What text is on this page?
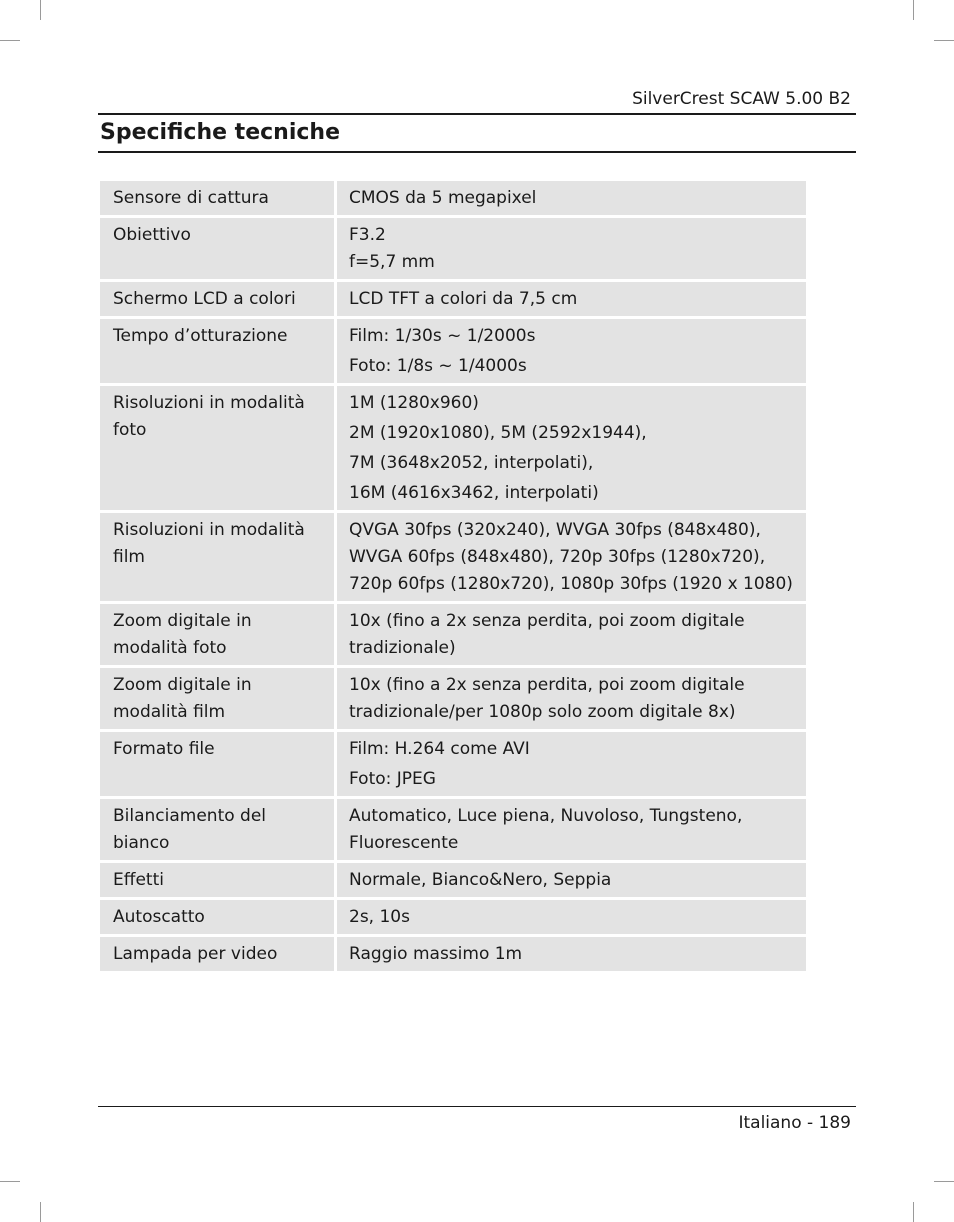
SilverCrest SCAW 5.00 B2
Specifiche tecniche
Sensore di cattura	CMOS da 5 megapixel

Obiettivo	F3.2
f=5,7 mm

Schermo LCD a colori	LCD TFT a colori da 7,5 cm

Tempo d’otturazione	Film: 1/30s ~ 1/2000s
Foto: 1/8s ~ 1/4000s

Risoluzioni in modalità foto	1M (1280x960)
2M (1920x1080), 5M (2592x1944),
7M (3648x2052, interpolati),
16M (4616x3462, interpolati)

Risoluzioni in modalità film	QVGA 30fps (320x240), WVGA 30fps (848x480), WVGA 60fps (848x480), 720p 30fps (1280x720), 720p 60fps (1280x720), 1080p 30fps (1920 x 1080)

Zoom digitale in modalità foto	10x (fino a 2x senza perdita, poi zoom digitale tradizionale)

Zoom digitale in modalità film	10x (fino a 2x senza perdita, poi zoom digitale tradizionale/per 1080p solo zoom digitale 8x)

Formato file	Film: H.264 come AVI
Foto: JPEG

Bilanciamento del bianco	Automatico, Luce piena, Nuvoloso, Tungsteno, Fluorescente

Effetti	Normale, Bianco&Nero, Seppia

Autoscatto	2s, 10s

Lampada per video	Raggio massimo 1m
Italiano - 189
